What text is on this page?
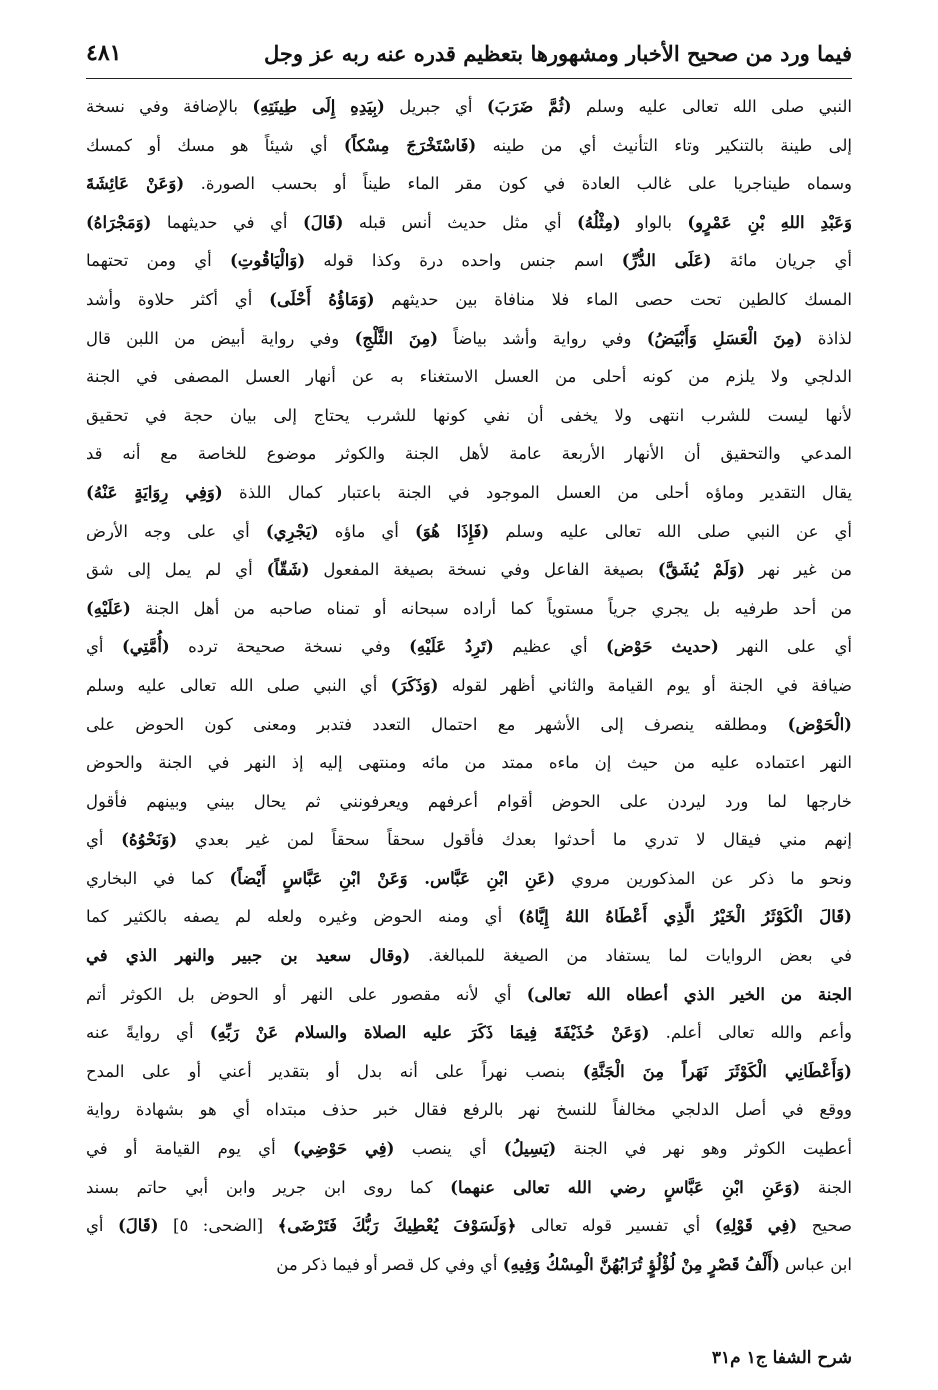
فيما ورد من صحيح الأخبار ومشهورها بتعظيم قدره عنه ربه عز وجل
٤٨١
النبي صلى الله تعالى عليه وسلم (ثُمَّ ضَرَبَ) أي جبريل (بِيَدِهِ إِلَى طِينَتِهِ) بالإضافة وفي نسخة
إلى طينة بالتنكير وتاء التأنيث أي من طينه (فَاسْتَخْرَجَ مِسْكاً) أي شيئاً هو مسك أو كمسك
وسماه طيناجريا على غالب العادة في كون مقر الماء طيناً أو بحسب الصورة. (وَعَنْ عَائِشَةَ
وَعَبْدِ اللهِ بْنِ عَمْرٍو) بالواو (مِثْلُهُ) أي مثل حديث أنس قبله (قَالَ) أي في حديثهما (وَمَجْرَاهُ)
أي جريان مائة (عَلَى الدُّرِّ) اسم جنس واحده درة وكذا قوله (وَالْيَاقُوتِ) أي ومن تحتهما
المسك كالطين تحت حصى الماء فلا منافاة بين حديثهم (وَمَاؤُهُ أَحْلَى) أي أكثر حلاوة وأشد
لذاذة (مِنَ الْعَسَلِ وَأَبْيَضُ) وفي رواية وأشد بياضاً (مِنَ الثَّلْجِ) وفي رواية أبيض من اللبن قال
الدلجي ولا يلزم من كونه أحلى من العسل الاستغناء به عن أنهار العسل المصفى في الجنة
لأنها ليست للشرب انتهى ولا يخفى أن نفي كونها للشرب يحتاج إلى بيان حجة في تحقيق
المدعي والتحقيق أن الأنهار الأربعة عامة لأهل الجنة والكوثر موضوع للخاصة مع أنه قد
يقال التقدير وماؤه أحلى من العسل الموجود في الجنة باعتبار كمال اللذة (وَفِي رِوَايَةٍ عَنْهُ)
أي عن النبي صلى الله تعالى عليه وسلم (فَإِذَا هُوَ) أي ماؤه (يَجْرِي) أي على وجه الأرض
من غير نهر (وَلَمْ يُشَقَّ) بصيغة الفاعل وفي نسخة بصيغة المفعول (شَقّاً) أي لم يمل إلى شق
من أحد طرفيه بل يجري جرياً مستوياً كما أراده سبحانه أو تمناه صاحبه من أهل الجنة (عَلَيْهِ)
أي على النهر (حديث حَوْض) أي عظيم (تَرِدُ عَلَيْهِ) وفي نسخة صحيحة ترده (أُمَّتِي) أي
ضيافة في الجنة أو يوم القيامة والثاني أظهر لقوله (وَذَكَرَ) أي النبي صلى الله تعالى عليه وسلم
(الْحَوْض) ومطلقه ينصرف إلى الأشهر مع احتمال التعدد فتدبر ومعنى كون الحوض على
النهر اعتماده عليه من حيث إن ماءه ممتد من مائه ومنتهى إليه إذ النهر في الجنة والحوض
خارجها لما ورد ليردن على الحوض أقوام أعرفهم ويعرفونني ثم يحال بيني وبينهم فأقول
إنهم مني فيقال لا تدري ما أحدثوا بعدك فأقول سحقاً سحقاً لمن غير بعدي (وَنَحْوُهُ) أي
ونحو ما ذكر عن المذكورين مروي (عَنِ ابْنِ عَبَّاس. وَعَنْ ابْنِ عَبَّاسٍ أَيْضاً) كما في البخاري
(قَالَ الْكَوْثَرُ الْخَيْرُ الَّذِي أَعْطَاهُ اللهُ إِيَّاهُ) أي ومنه الحوض وغيره ولعله لم يصفه بالكثير كما
في بعض الروايات لما يستفاد من الصيغة للمبالغة. (وقال سعيد بن جبير والنهر الذي في
الجنة من الخير الذي أعطاه الله تعالى) أي لأنه مقصور على النهر أو الحوض بل الكوثر أتم
وأعم والله تعالى أعلم. (وَعَنْ حُذَيْفَةَ فِيمَا ذَكَرَ عليه الصلاة والسلام عَنْ رَبِّهِ) أي روايةً عنه
(وَأَعْطَانِي الْكَوْثَرَ نَهَراً مِنَ الْجَنَّةِ) بنصب نهراً على أنه بدل أو بتقدير أعني أو على المدح
ووقع في أصل الدلجي مخالفاً للنسخ نهر بالرفع فقال خبر حذف مبتداه أي هو بشهادة رواية
أعطيت الكوثر وهو نهر في الجنة (يَسِيلُ) أي ينصب (فِي حَوْضِي) أي يوم القيامة أو في
الجنة (وَعَنِ ابْنِ عَبَّاسٍ رضي الله تعالى عنهما) كما روى ابن جرير وابن أبي حاتم بسند
صحيح (فِي قَوْلِهِ) أي تفسير قوله تعالى ﴿وَلَسَوْفَ يُعْطِيكَ رَبُّكَ فَتَرْضَى﴾ [الضحى: ٥] (قَالَ) أي
ابن عباس (أَلْفُ قَصْرٍ مِنْ لُؤْلُؤٍ تُرَابُهُنَّ الْمِسْكُ وَفِيهِ) أي وفي كل قصر أو فيما ذكر من
شرح الشفا ج١ م٣١
